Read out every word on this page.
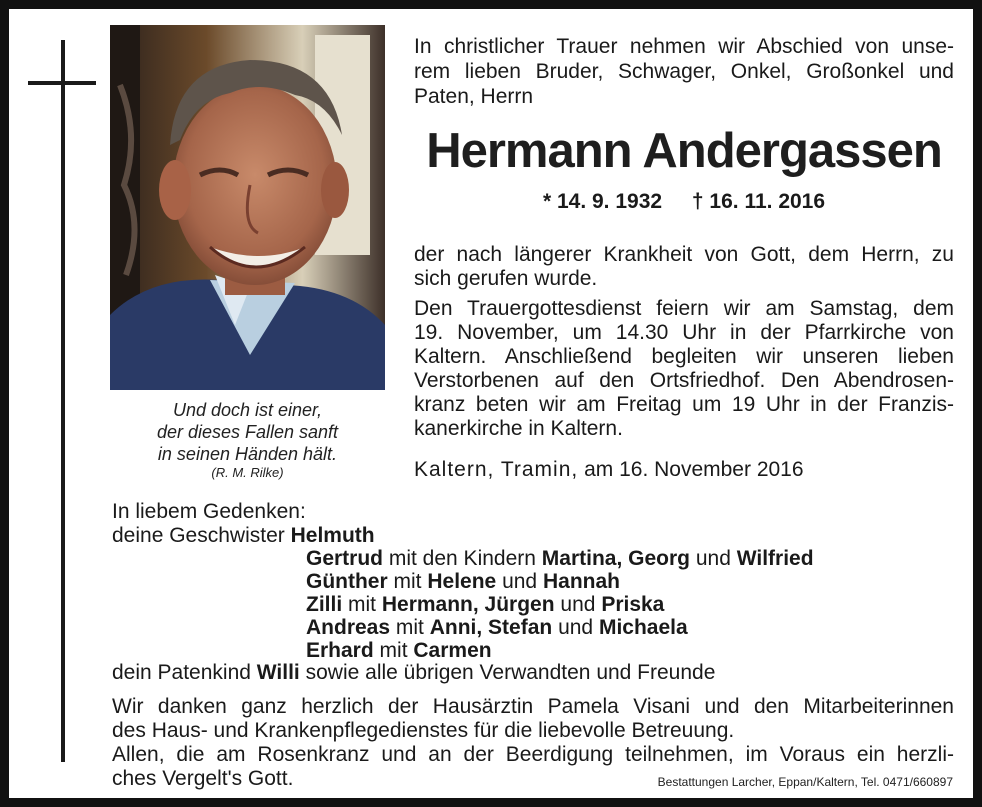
Und doch ist einer,
der dieses Fallen sanft
in seinen Händen hält.
(R. M. Rilke)
In christlicher Trauer nehmen wir Abschied von unse-
rem lieben Bruder, Schwager, Onkel, Großonkel und
Paten, Herrn
Hermann Andergassen
* 14. 9. 1932 † 16. 11. 2016
der nach längerer Krankheit von Gott, dem Herrn, zu
sich gerufen wurde.
Den Trauergottesdienst feiern wir am Samstag, dem
19. November, um 14.30 Uhr in der Pfarrkirche von
Kaltern. Anschließend begleiten wir unseren lieben
Verstorbenen auf den Ortsfriedhof. Den Abendrosen-
kranz beten wir am Freitag um 19 Uhr in der Franzis-
kanerkirche in Kaltern.
Kaltern, Tramin, am 16. November 2016
In liebem Gedenken:
deine Geschwister Helmuth
Gertrud mit den Kindern Martina, Georg und Wilfried
Günther mit Helene und Hannah
Zilli mit Hermann, Jürgen und Priska
Andreas mit Anni, Stefan und Michaela
Erhard mit Carmen
dein Patenkind Willi sowie alle übrigen Verwandten und Freunde
Wir danken ganz herzlich der Hausärztin Pamela Visani und den Mitarbeiterinnen
des Haus- und Krankenpflegedienstes für die liebevolle Betreuung.
Allen, die am Rosenkranz und an der Beerdigung teilnehmen, im Voraus ein herzli-
ches Vergelt's Gott.	Bestattungen Larcher, Eppan/Kaltern, Tel. 0471/660897
